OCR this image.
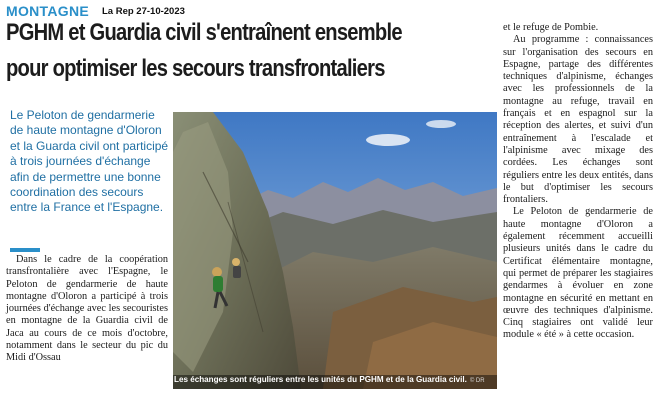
MONTAGNE La Rep 27-10-2023
PGHM et Guardia civil s'entraînent ensemble
pour optimiser les secours transfrontaliers
Le Peloton de gendarmerie de haute montagne d'Oloron et la Guarda civil ont participé à trois journées d'échange afin de permettre une bonne coordination des secours entre la France et l'Espagne.

Dans le cadre de la coopération transfrontalière avec l'Espagne, le Peloton de gendarmerie de haute montagne d'Oloron a participé à trois journées d'échange avec les secouristes en montagne de la Guardia civil de Jaca au cours de ce mois d'octobre, notamment dans le secteur du pic du Midi d'Ossau

Les échanges sont réguliers entre les unités du PGHM et de la Guardia civil. © DR

et le refuge de Pombie.

Au programme : connaissances sur l'organisation des secours en Espagne, partage des différentes techniques d'alpinisme, échanges avec les professionnels de la montagne au refuge, travail en français et en espagnol sur la réception des alertes, et suivi d'un entraînement à l'escalade et l'alpinisme avec mixage des cordées. Les échanges sont réguliers entre les deux entités, dans le but d'optimiser les secours frontaliers.

Le Peloton de gendarmerie de haute montagne d'Oloron a également récemment accueilli plusieurs unités dans le cadre du Certificat élémentaire montagne, qui permet de préparer les stagiaires gendarmes à évoluer en zone montagne en sécurité en mettant en œuvre des techniques d'alpinisme. Cinq stagiaires ont validé leur module « été » à cette occasion.
